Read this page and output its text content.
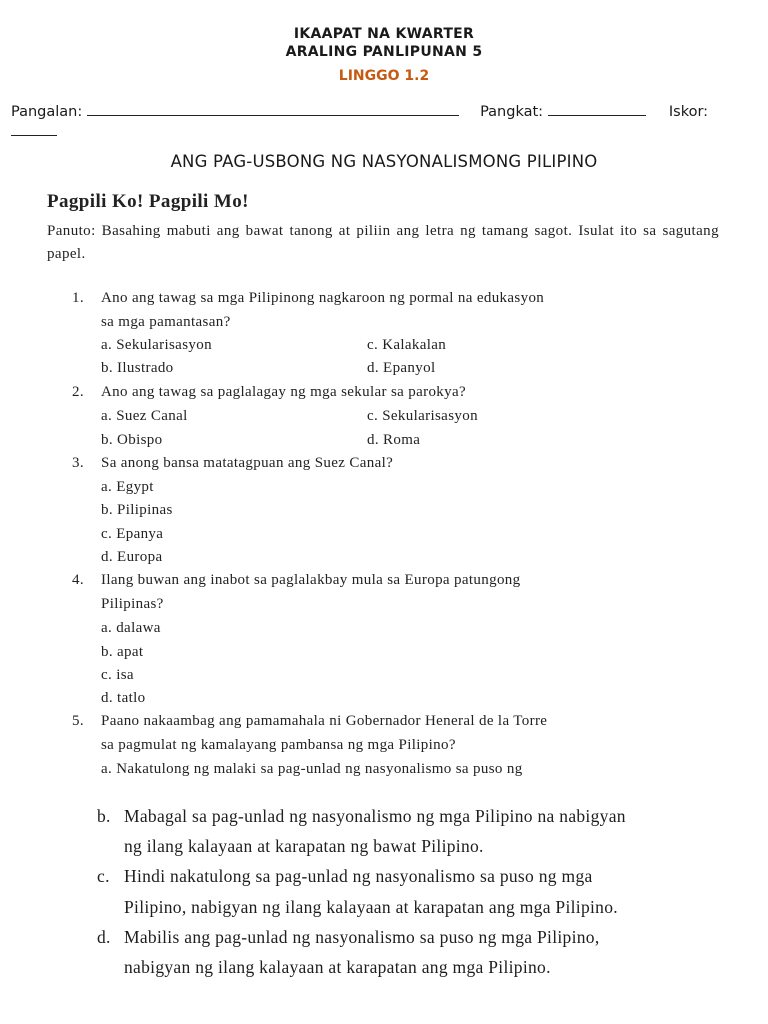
IKAAPAT NA KWARTER
ARALING PANLIPUNAN 5
LINGGO 1.2
Pangalan:	Pangkat:	Iskor:
ANG PAG-USBONG NG NASYONALISMONG PILIPINO
Pagpili Ko! Pagpili Mo!
Panuto: Basahing mabuti ang bawat tanong at piliin ang letra ng tamang sagot. Isulat ito sa sagutang papel.
1. Ano ang tawag sa mga Pilipinong nagkaroon ng pormal na edukasyon
sa mga pamantasan?
a. Sekularisasyon	c. Kalakalan
b. Ilustrado	d. Epanyol
2. Ano ang tawag sa paglalagay ng mga sekular sa parokya?
a. Suez Canal	c. Sekularisasyon
b. Obispo	d. Roma
3. Sa anong bansa matatagpuan ang Suez Canal?
a. Egypt
b. Pilipinas
c. Epanya
d. Europa
4. Ilang buwan ang inabot sa paglalakbay mula sa Europa patungong
Pilipinas?
a. dalawa
b. apat
c. isa
d. tatlo
5. Paano nakaambag ang pamamahala ni Gobernador Heneral de la Torre
sa pagmulat ng kamalayang pambansa ng mga Pilipino?
a. Nakatulong ng malaki sa pag-unlad ng nasyonalismo sa puso ng
b. Mabagal sa pag-unlad ng nasyonalismo ng mga Pilipino na nabigyan
ng ilang kalayaan at karapatan ng bawat Pilipino.
c. Hindi nakatulong sa pag-unlad ng nasyonalismo sa puso ng mga
Pilipino, nabigyan ng ilang kalayaan at karapatan ang mga Pilipino.
d. Mabilis ang pag-unlad ng nasyonalismo sa puso ng mga Pilipino,
nabigyan ng ilang kalayaan at karapatan ang mga Pilipino.
